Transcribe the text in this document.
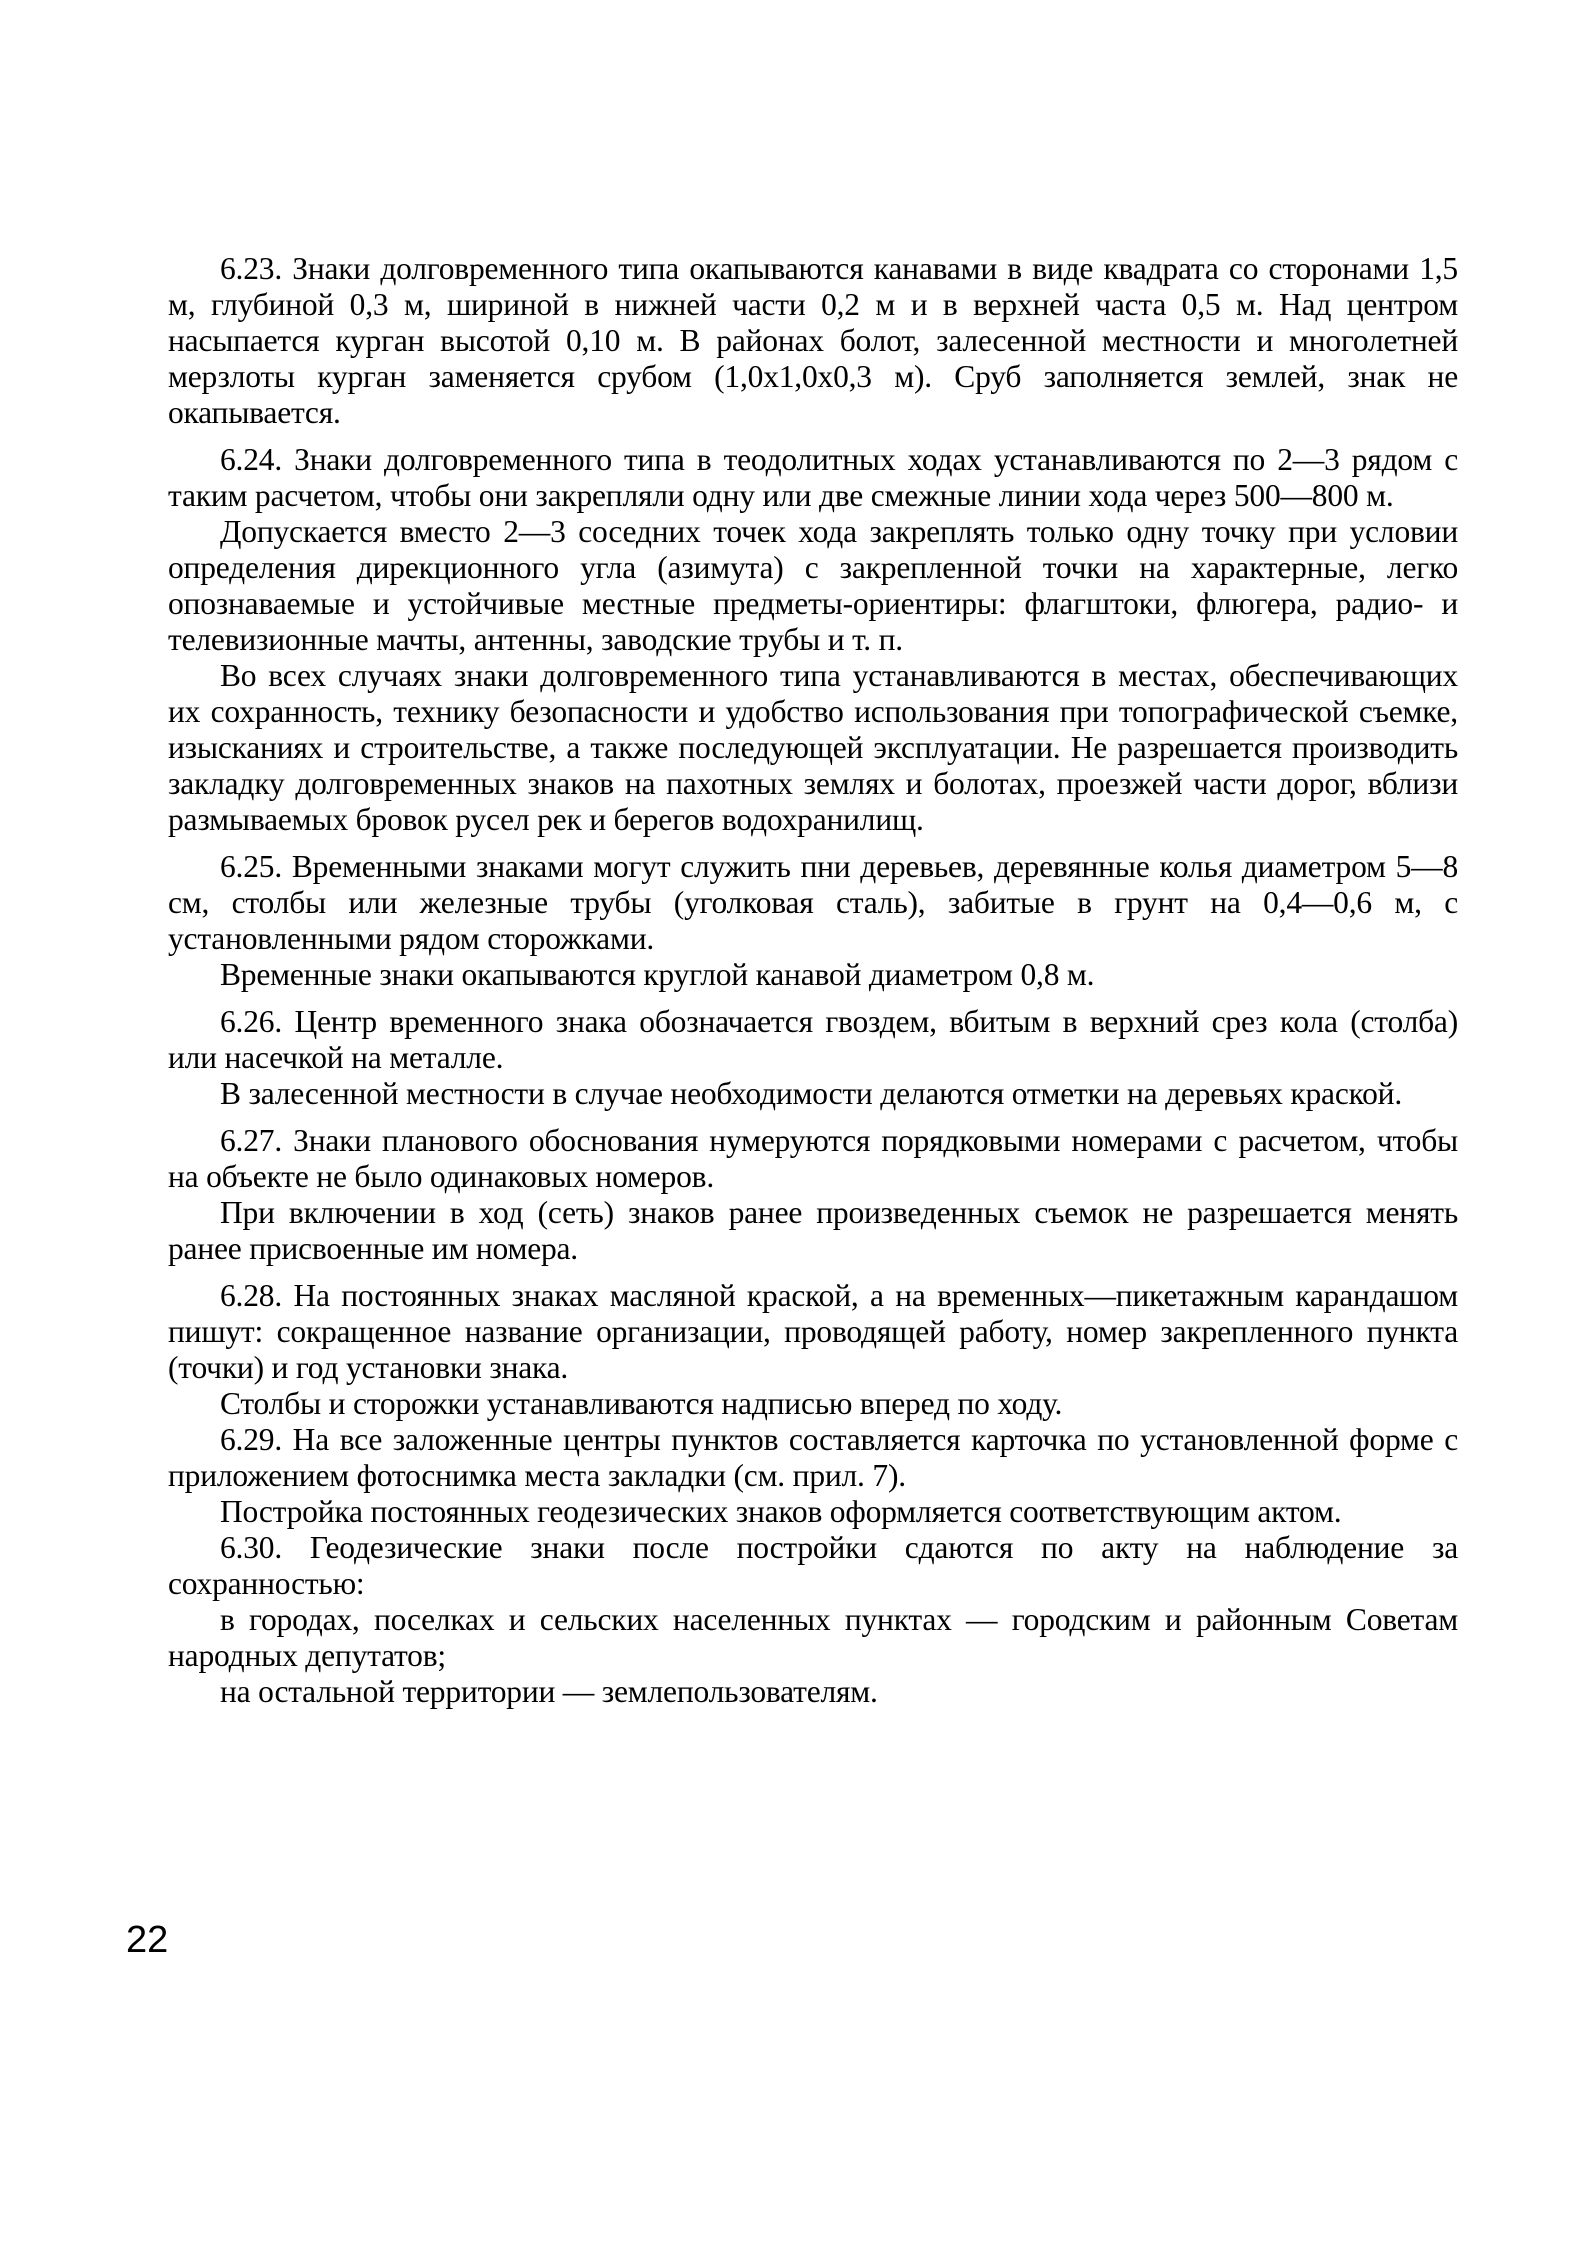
6.23. Знаки долговременного типа окапываются канавами в виде квадрата со сторонами 1,5 м, глубиной 0,3 м, шириной в нижней части 0,2 м и в верхней часта 0,5 м. Над центром насыпается курган высотой 0,10 м. В районах болот, залесенной местности и многолетней мерзлоты курган заменяется срубом (1,0х1,0х0,3 м). Сруб заполняется землей, знак не окапывается.

6.24. Знаки долговременного типа в теодолитных ходах устанавливаются по 2—3 рядом с таким расчетом, чтобы они закрепляли одну или две смежные линии хода через 500—800 м.

Допускается вместо 2—3 соседних точек хода закреплять только одну точку при условии определения дирекционного угла (азимута) с закрепленной точки на характерные, легко опознаваемые и устойчивые местные предметы-ориентиры: флагштоки, флюгера, радио- и телевизионные мачты, антенны, заводские трубы и т. п.

Во всех случаях знаки долговременного типа устанавливаются в местах, обеспечивающих их сохранность, технику безопасности и удобство использования при топографической съемке, изысканиях и строительстве, а также последующей эксплуатации. Не разрешается производить закладку долговременных знаков на пахотных землях и болотах, проезжей части дорог, вблизи размываемых бровок русел рек и берегов водохранилищ.

6.25. Временными знаками могут служить пни деревьев, деревянные колья диаметром 5—8 см, столбы или железные трубы (уголковая сталь), забитые в грунт на 0,4—0,6 м, с установленными рядом сторожками.

Временные знаки окапываются круглой канавой диаметром 0,8 м.

6.26. Центр временного знака обозначается гвоздем, вбитым в верхний срез кола (столба) или насечкой на металле.

В залесенной местности в случае необходимости делаются отметки на деревьях краской.

6.27. Знаки планового обоснования нумеруются порядковыми номерами с расчетом, чтобы на объекте не было одинаковых номеров.

При включении в ход (сеть) знаков ранее произведенных съемок не разрешается менять ранее присвоенные им номера.

6.28. На постоянных знаках масляной краской, а на временных—пикетажным карандашом пишут: сокращенное название организации, проводящей работу, номер закрепленного пункта (точки) и год установки знака.

Столбы и сторожки устанавливаются надписью вперед по ходу.

6.29. На все заложенные центры пунктов составляется карточка по установленной форме с приложением фотоснимка места закладки (см. прил. 7).

Постройка постоянных геодезических знаков оформляется соответствующим актом.

6.30. Геодезические знаки после постройки сдаются по акту на наблюдение за сохранностью:

в городах, поселках и сельских населенных пунктах — городским и районным Советам народных депутатов;

на остальной территории — землепользователям.

22
